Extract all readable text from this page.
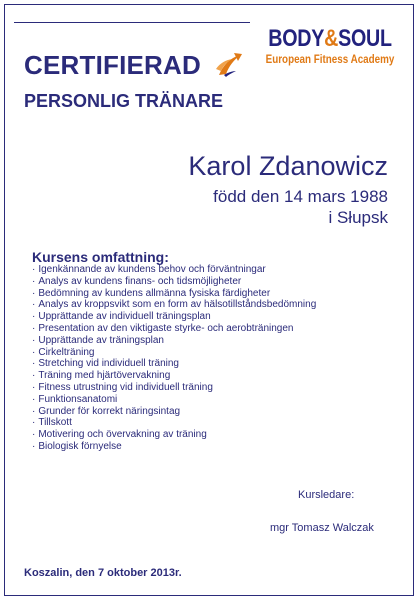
BODY&SOUL
European Fitness Academy
CERTIFIERAD
PERSONLIG TRÄNARE
Karol Zdanowicz
född den 14 mars 1988
i Słupsk
Kursens omfattning:
· Igenkännande av kundens behov och förväntningar
· Analys av kundens finans- och tidsmöjligheter
· Bedömning av kundens allmänna fysiska färdigheter
· Analys av kroppsvikt som en form av hälsotillståndsbedömning
· Upprättande av individuell träningsplan
· Presentation av den viktigaste styrke- och aerobträningen
· Upprättande av träningsplan
· Cirkelträning
· Stretching vid individuell träning
· Träning med hjärtövervakning
· Fitness utrustning vid individuell träning
· Funktionsanatomi
· Grunder för korrekt näringsintag
· Tillskott
· Motivering och övervakning av träning
· Biologisk förnyelse
Kursledare:
mgr Tomasz Walczak
Koszalin, den 7 oktober 2013r.
